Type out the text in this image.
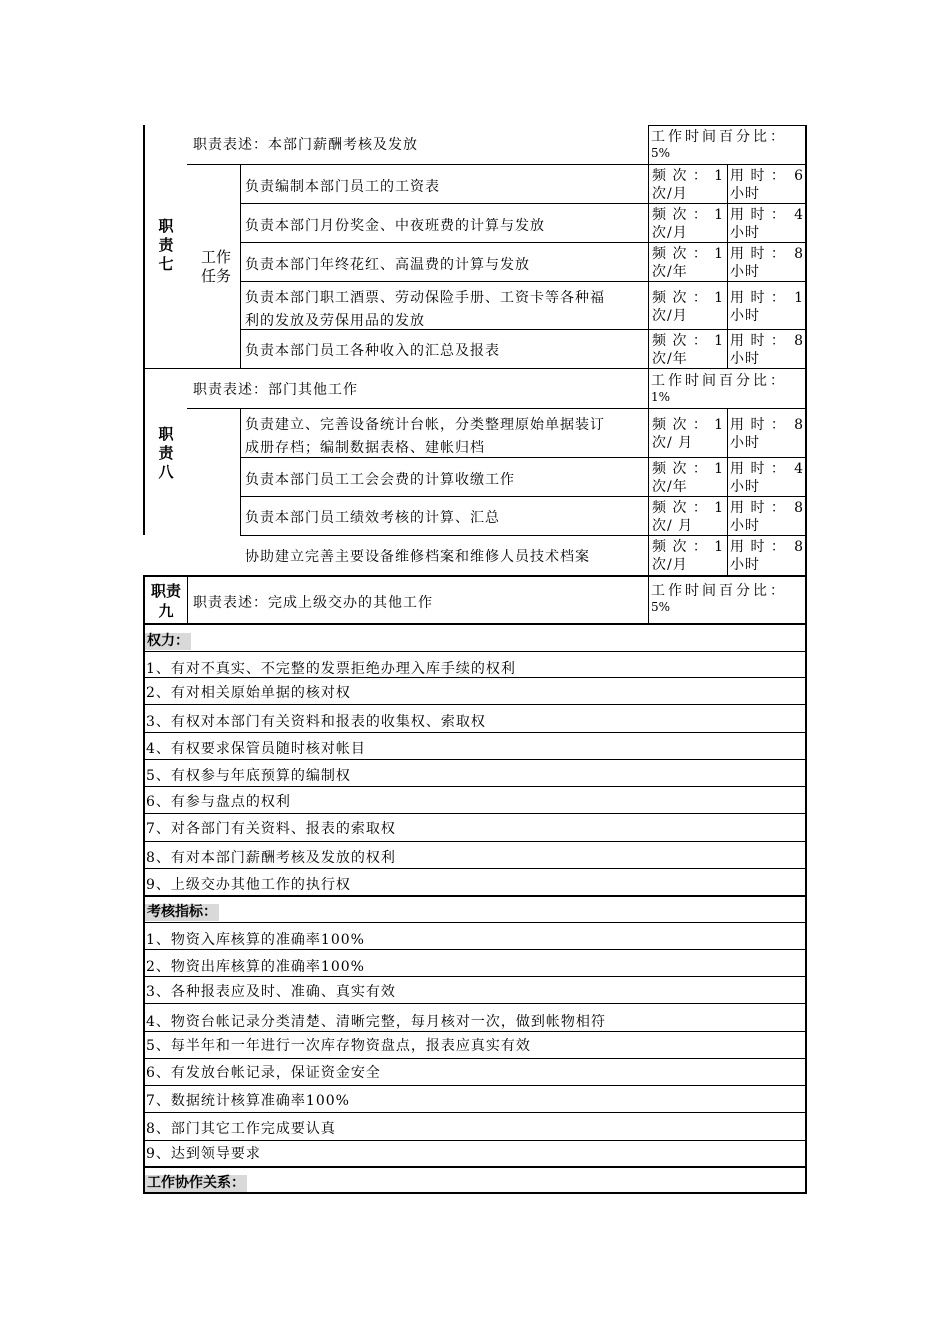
职责七
职责表述：本部门薪酬考核及发放	工作时间百分比：
5%
工作任务
负责编制本部门员工的工资表
负责本部门月份奖金、中夜班费的计算与发放
负责本部门年终花红、高温费的计算与发放
负责本部门职工酒票、劳动保险手册、工资卡等各种福
利的发放及劳保用品的发放
负责本部门员工各种收入的汇总及报表
频 次 ： 1
次/月
用 时 ： 6
小时
频 次 ： 1
次/月
用 时 ： 4
小时
频 次 ： 1
次/年
用 时 ： 8
小时
频 次 ： 1
次/月
用 时 ： 1
小时
频 次 ： 1
次/年
用 时 ： 8
小时
职责八
职责表述：部门其他工作
工作时间百分比：
1%
负责建立、完善设备统计台帐，分类整理原始单据装订
成册存档；编制数据表格、建帐归档
负责本部门员工工会会费的计算收缴工作
负责本部门员工绩效考核的计算、汇总
协助建立完善主要设备维修档案和维修人员技术档案
频 次 ： 1
次/ 月
用 时 ： 8
小时
频 次 ： 1
次/年
用 时 ： 4
小时
频 次 ： 1
次/ 月
用 时 ： 8
小时
频 次 ： 1
次/月
用 时 ： 8
小时
职责
九	职责表述：完成上级交办的其他工作
工作时间百分比：
5%
权力：
1、有对不真实、不完整的发票拒绝办理入库手续的权利
2、有对相关原始单据的核对权
3、有权对本部门有关资料和报表的收集权、索取权
4、有权要求保管员随时核对帐目
5、有权参与年底预算的编制权
6、有参与盘点的权利
7、对各部门有关资料、报表的索取权
8、有对本部门薪酬考核及发放的权利
9、上级交办其他工作的执行权
考核指标：
1、物资入库核算的准确率100%
2、物资出库核算的准确率100%
3、各种报表应及时、准确、真实有效
4、物资台帐记录分类清楚、清晰完整，每月核对一次，做到帐物相符
5、每半年和一年进行一次库存物资盘点，报表应真实有效
6、有发放台帐记录，保证资金安全
7、数据统计核算准确率100%
8、部门其它工作完成要认真
9、达到领导要求
工作协作关系：
